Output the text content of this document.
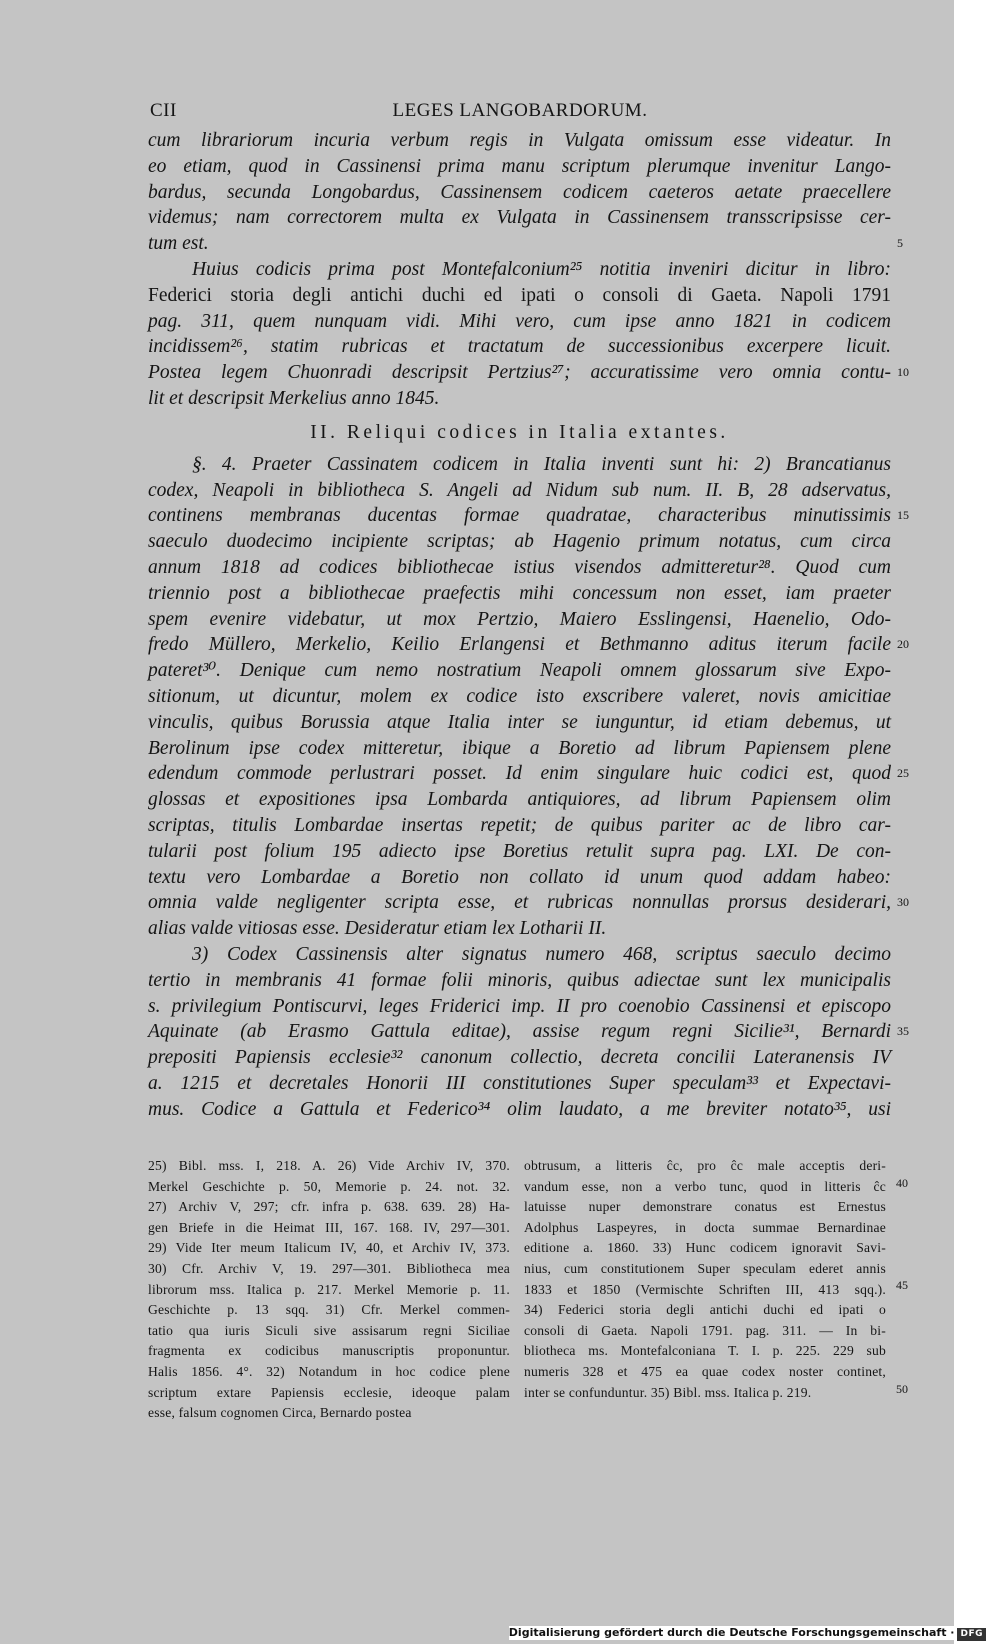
CII	LEGES LANGOBARDORUM.
cum librariorum incuria verbum regis in Vulgata omissum esse videatur. In
eo etiam, quod in Cassinensi prima manu scriptum plerumque invenitur Lango-
bardus, secunda Longobardus, Cassinensem codicem caeteros aetate praecellere
videmus; nam correctorem multa ex Vulgata in Cassinensem transscripsisse cer-
tum est.	5
Huius codicis prima post Montefalconium²⁵ notitia inveniri dicitur in libro:
Federici storia degli antichi duchi ed ipati o consoli di Gaeta. Napoli 1791
pag. 311, quem nunquam vidi. Mihi vero, cum ipse anno 1821 in codicem
incidissem²⁶, statim rubricas et tractatum de successionibus excerpere licuit.
Postea legem Chuonradi descripsit Pertzius²⁷; accuratissime vero omnia contu- 10
lit et descripsit Merkelius anno 1845.
II. Reliqui codices in Italia extantes.
§. 4. Praeter Cassinatem codicem in Italia inventi sunt hi: 2) Brancatianus
codex, Neapoli in bibliotheca S. Angeli ad Nidum sub num. II. B, 28 adservatus,
continens membranas ducentas formae quadratae, characteribus minutissimis 15
saeculo duodecimo incipiente scriptas; ab Hagenio primum notatus, cum circa
annum 1818 ad codices bibliothecae istius visendos admitteretur²⁸. Quod cum
triennio post a bibliothecae praefectis mihi concessum non esset, iam praeter
spem evenire videbatur, ut mox Pertzio, Maiero Esslingensi, Haenelio, Odo-
fredo Müllero, Merkelio, Keilio Erlangensi et Bethmanno aditus iterum facile 20
pateret³⁰. Denique cum nemo nostratium Neapoli omnem glossarum sive Expo-
sitionum, ut dicuntur, molem ex codice isto exscribere valeret, novis amicitiae
vinculis, quibus Borussia atque Italia inter se iunguntur, id etiam debemus, ut
Berolinum ipse codex mitteretur, ibique a Boretio ad librum Papiensem plene
edendum commode perlustrari posset. Id enim singulare huic codici est, quod 25
glossas et expositiones ipsa Lombarda antiquiores, ad librum Papiensem olim
scriptas, titulis Lombardae insertas repetit; de quibus pariter ac de libro car-
tularii post folium 195 adiecto ipse Boretius retulit supra pag. LXI. De con-
textu vero Lombardae a Boretio non collato id unum quod addam habeo:
omnia valde negligenter scripta esse, et rubricas nonnullas prorsus desiderari, 30
alias valde vitiosas esse. Desideratur etiam lex Lotharii II.
3) Codex Cassinensis alter signatus numero 468, scriptus saeculo decimo
tertio in membranis 41 formae folii minoris, quibus adiectae sunt lex municipalis
s. privilegium Pontiscurvi, leges Friderici imp. II pro coenobio Cassinensi et episcopo
Aquinate (ab Erasmo Gattula editae), assise regum regni Sicilie³¹, Bernardi 35
prepositi Papiensis ecclesie³² canonum collectio, decreta concilii Lateranensis IV
a. 1215 et decretales Honorii III constitutiones Super speculam³³ et Expectavi-
mus. Codice a Gattula et Federico³⁴ olim laudato, a me breviter notato³⁵, usi
25) Bibl. mss. I, 218. A. 26) Vide Archiv IV, 370.
Merkel Geschichte p. 50, Memorie p. 24. not. 32.
27) Archiv V, 297; cfr. infra p. 638. 639. 28) Ha-
gen Briefe in die Heimat III, 167. 168. IV, 297—301.
29) Vide Iter meum Italicum IV, 40, et Archiv IV, 373.
30) Cfr. Archiv V, 19. 297—301. Bibliotheca mea
librorum mss. Italica p. 217. Merkel Memorie p. 11.
Geschichte p. 13 sqq. 31) Cfr. Merkel commen-
tatio qua iuris Siculi sive assisarum regni Siciliae
fragmenta ex codicibus manuscriptis proponuntur.
Halis 1856. 4°. 32) Notandum in hoc codice plene
scriptum extare Papiensis ecclesie, ideoque palam
esse, falsum cognomen Circa, Bernardo postea
obtrusum, a litteris ĉc, pro ĉc male acceptis deri-
vandum esse, non a verbo tunc, quod in litteris ĉc
latuisse nuper demonstrare conatus est Ernestus
Adolphus Laspeyres, in docta summae Bernardinae
editione a. 1860. 33) Hunc codicem ignoravit Savi-
nius, cum constitutionem Super speculam ederet annis
1833 et 1850 (Vermischte Schriften III, 413 sqq.).
34) Federici storia degli antichi duchi ed ipati o
consoli di Gaeta. Napoli 1791. pag. 311. — In bi-
bliotheca ms. Montefalconiana T. I. p. 225. 229 sub
numeris 328 et 475 ea quae codex noster continet,
inter se confunduntur. 35) Bibl. mss. Italica p. 219.
40
45
50
Digitalisierung gefördert durch die Deutsche Forschungsgemeinschaft · DFG
